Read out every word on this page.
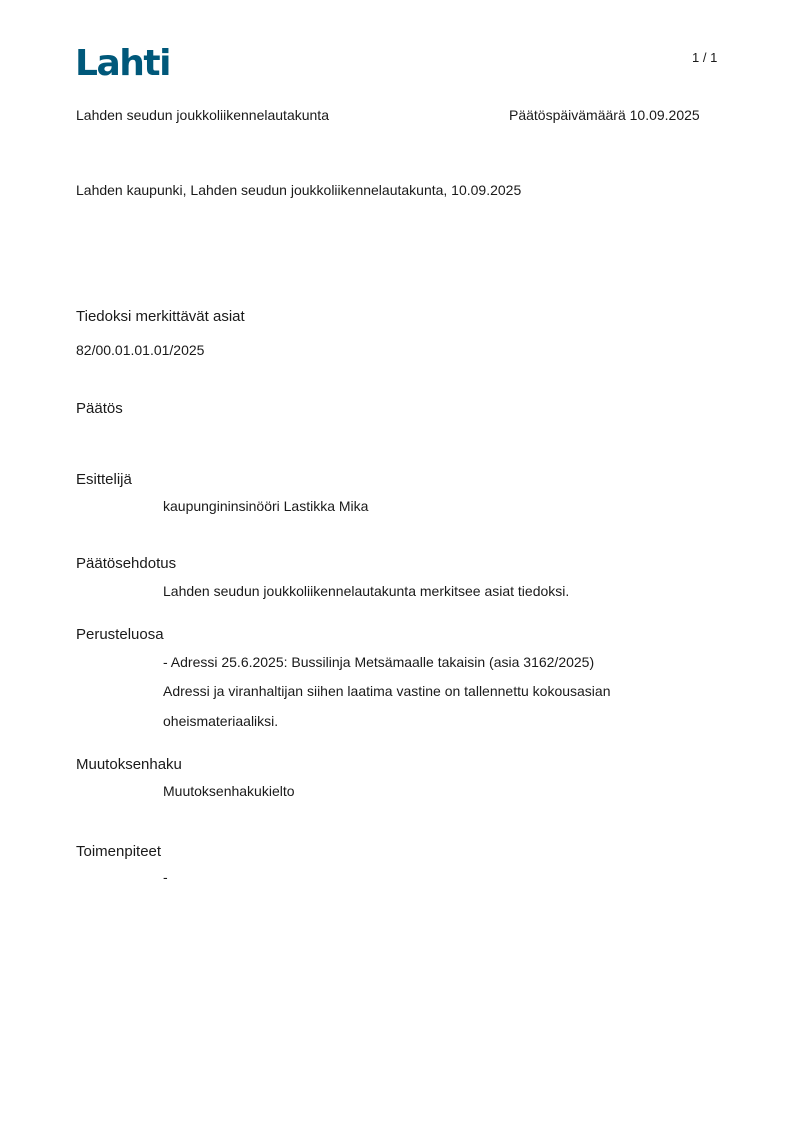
Lahti	1 / 1
Lahden seudun joukkoliikennelautakunta	Päätöspäivämäärä 10.09.2025
Lahden kaupunki, Lahden seudun joukkoliikennelautakunta, 10.09.2025
Tiedoksi merkittävät asiat
82/00.01.01.01/2025
Päätös
Esittelijä
kaupungininsinööri Lastikka Mika
Päätösehdotus
Lahden seudun joukkoliikennelautakunta merkitsee asiat tiedoksi.
Perusteluosa
- Adressi 25.6.2025: Bussilinja Metsämaalle takaisin (asia 3162/2025)
Adressi ja viranhaltijan siihen laatima vastine on tallennettu kokousasian
oheismateriaaliksi.
Muutoksenhaku
Muutoksenhakukielto
Toimenpiteet
-
